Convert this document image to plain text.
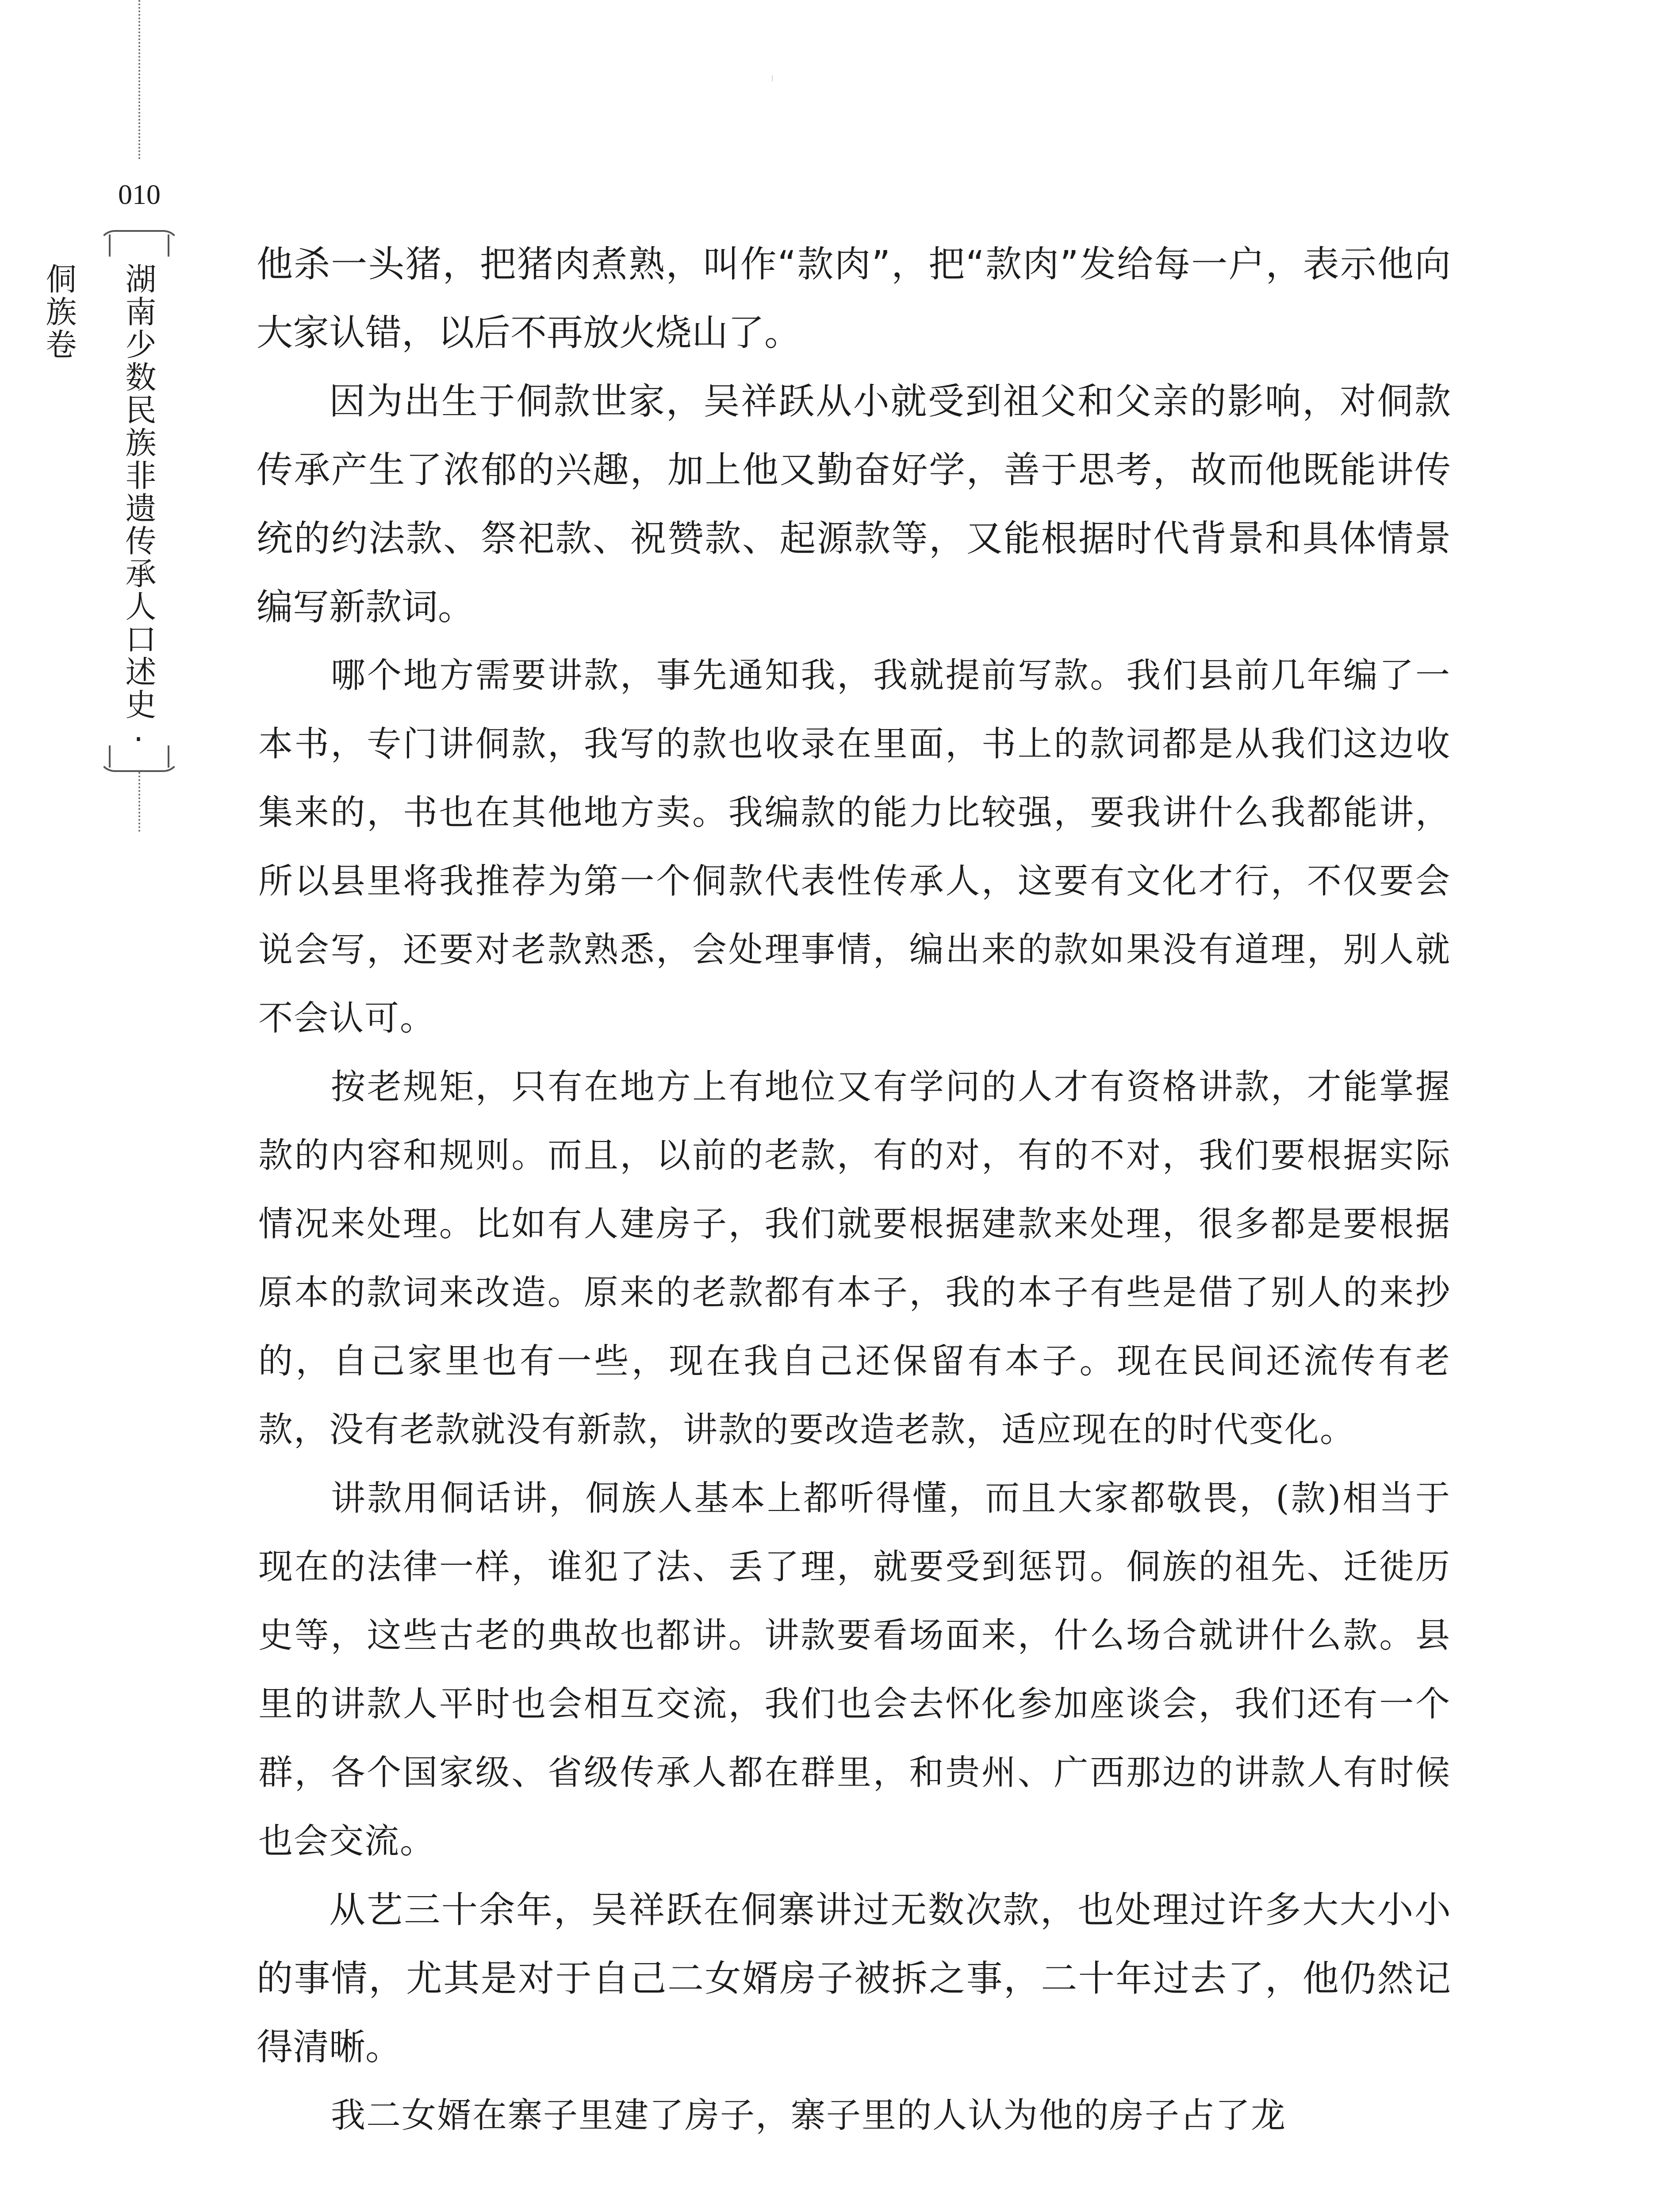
010
湖南少数民族非遗传承人口述史·侗族卷	他杀一头猪，把猪肉煮熟，叫作“款肉”，把“款肉”发给每一户，表示他向大家认错，以后不再放火烧山了。

因为出生于侗款世家，吴祥跃从小就受到祖父和父亲的影响，对侗款传承产生了浓郁的兴趣，加上他又勤奋好学，善于思考，故而他既能讲传统的约法款、祭祀款、祝赞款、起源款等，又能根据时代背景和具体情景编写新款词。

哪个地方需要讲款，事先通知我，我就提前写款。我们县前几年编了一本书，专门讲侗款，我写的款也收录在里面，书上的款词都是从我们这边收集来的，书也在其他地方卖。我编款的能力比较强，要我讲什么我都能讲，所以县里将我推荐为第一个侗款代表性传承人，这要有文化才行，不仅要会说会写，还要对老款熟悉，会处理事情，编出来的款如果没有道理，别人就不会认可。

按老规矩，只有在地方上有地位又有学问的人才有资格讲款，才能掌握款的内容和规则。而且，以前的老款，有的对，有的不对，我们要根据实际情况来处理。比如有人建房子，我们就要根据建款来处理，很多都是要根据原本的款词来改造。原来的老款都有本子，我的本子有些是借了别人的来抄的，自己家里也有一些，现在我自己还保留有本子。现在民间还流传有老款，没有老款就没有新款，讲款的要改造老款，适应现在的时代变化。

讲款用侗话讲，侗族人基本上都听得懂，而且大家都敬畏，(款)相当于现在的法律一样，谁犯了法、丢了理，就要受到惩罚。侗族的祖先、迁徙历史等，这些古老的典故也都讲。讲款要看场面来，什么场合就讲什么款。县里的讲款人平时也会相互交流，我们也会去怀化参加座谈会，我们还有一个群，各个国家级、省级传承人都在群里，和贵州、广西那边的讲款人有时候也会交流。

从艺三十余年，吴祥跃在侗寨讲过无数次款，也处理过许多大大小小的事情，尤其是对于自己二女婿房子被拆之事，二十年过去了，他仍然记得清晰。

我二女婿在寨子里建了房子，寨子里的人认为他的房子占了龙
